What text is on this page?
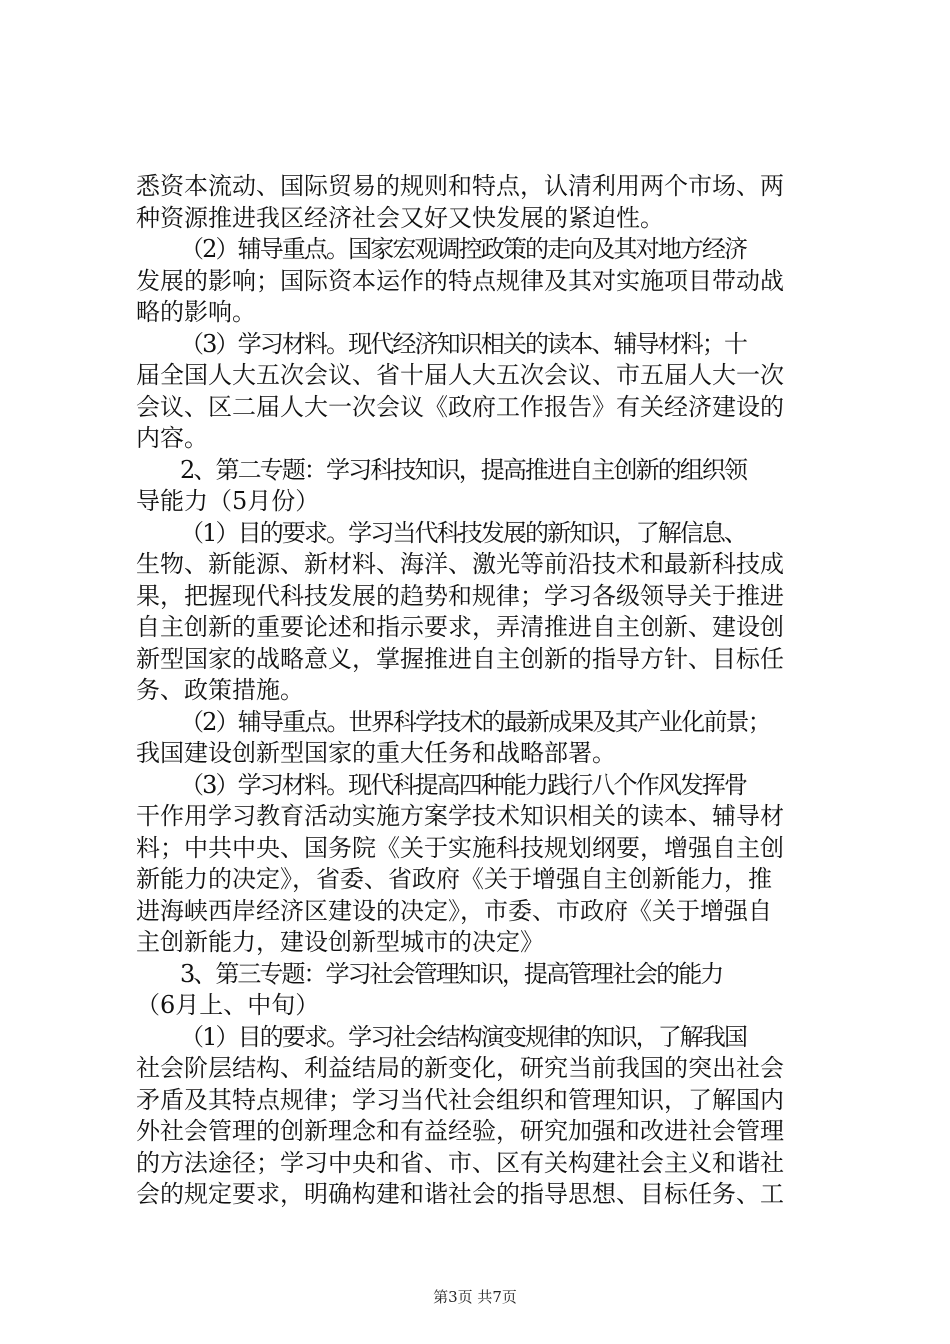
悉资本流动、国际贸易的规则和特点，认清利用两个市场、两

种资源推进我区经济社会又好又快发展的紧迫性。

（2）辅导重点。国家宏观调控政策的走向及其对地方经济

发展的影响；国际资本运作的特点规律及其对实施项目带动战

略的影响。

（3）学习材料。现代经济知识相关的读本、辅导材料；十

届全国人大五次会议、省十届人大五次会议、市五届人大一次

会议、区二届人大一次会议《政府工作报告》有关经济建设的

内容。

2、第二专题：学习科技知识，提高推进自主创新的组织领

导能力（5月份）

（1）目的要求。学习当代科技发展的新知识，了解信息、

生物、新能源、新材料、海洋、激光等前沿技术和最新科技成

果，把握现代科技发展的趋势和规律；学习各级领导关于推进

自主创新的重要论述和指示要求，弄清推进自主创新、建设创

新型国家的战略意义，掌握推进自主创新的指导方针、目标任

务、政策措施。

（2）辅导重点。世界科学技术的最新成果及其产业化前景；

我国建设创新型国家的重大任务和战略部署。

（3）学习材料。现代科提高四种能力践行八个作风发挥骨

干作用学习教育活动实施方案学技术知识相关的读本、辅导材

料；中共中央、国务院《关于实施科技规划纲要，增强自主创

新能力的决定》，省委、省政府《关于增强自主创新能力，推

进海峡西岸经济区建设的决定》，市委、市政府《关于增强自

主创新能力，建设创新型城市的决定》

3、第三专题：学习社会管理知识，提高管理社会的能力

（6月上、中旬）

（1）目的要求。学习社会结构演变规律的知识，了解我国

社会阶层结构、利益结局的新变化，研究当前我国的突出社会

矛盾及其特点规律；学习当代社会组织和管理知识，了解国内

外社会管理的创新理念和有益经验，研究加强和改进社会管理

的方法途径；学习中央和省、市、区有关构建社会主义和谐社

会的规定要求，明确构建和谐社会的指导思想、目标任务、工

第3页 共7页
